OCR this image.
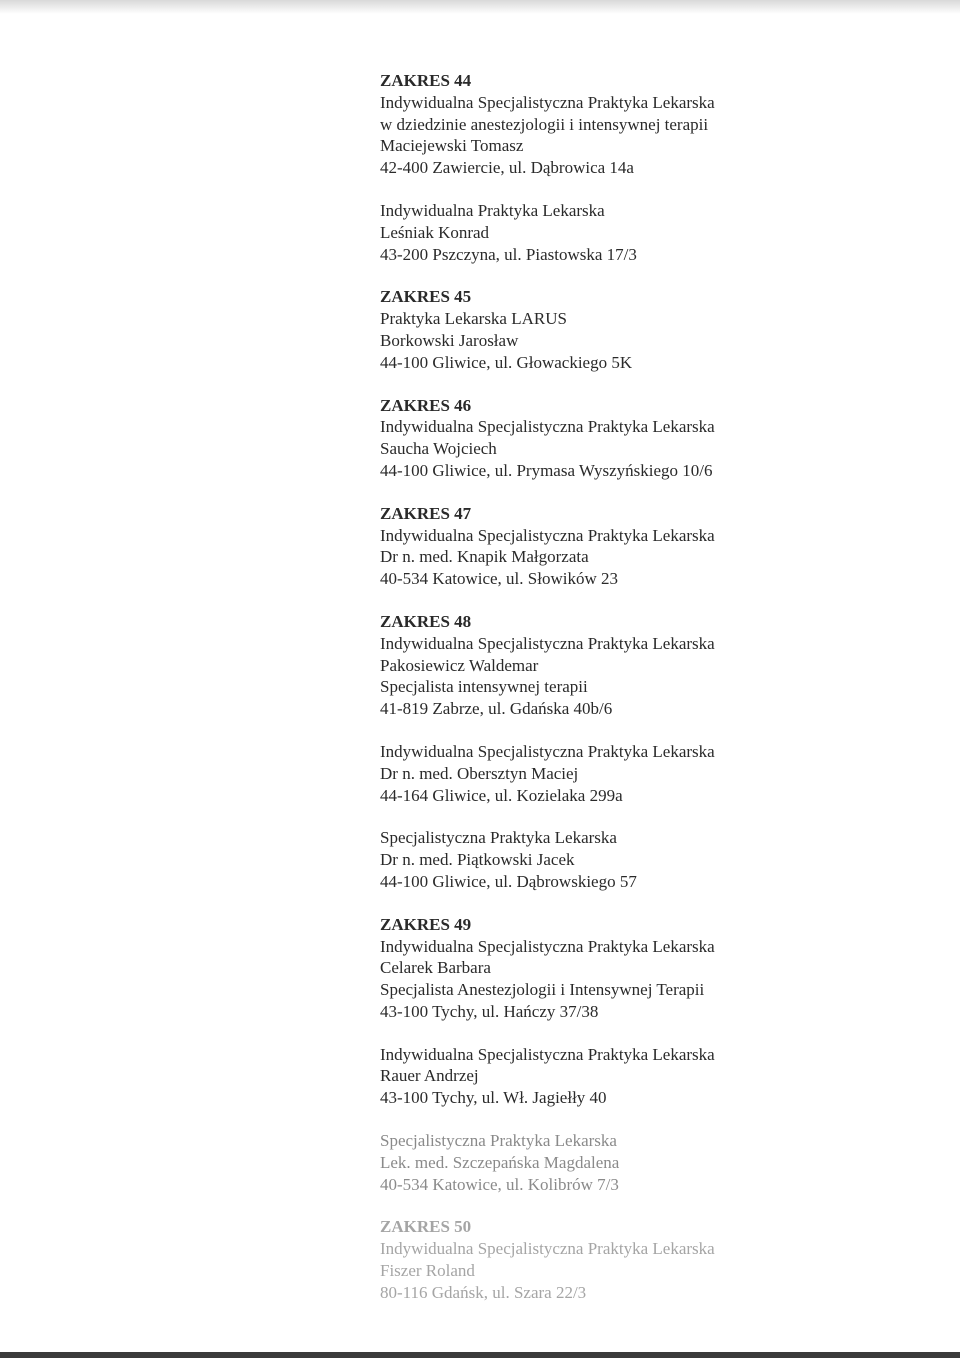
ZAKRES 44
Indywidualna Specjalistyczna Praktyka Lekarska
w dziedzinie anestezjologii i intensywnej terapii
Maciejewski Tomasz
42-400 Zawiercie, ul. Dąbrowica 14a
Indywidualna Praktyka Lekarska
Leśniak Konrad
43-200 Pszczyna, ul. Piastowska 17/3
ZAKRES 45
Praktyka Lekarska LARUS
Borkowski Jarosław
44-100 Gliwice, ul. Głowackiego 5K
ZAKRES 46
Indywidualna Specjalistyczna Praktyka Lekarska
Saucha Wojciech
44-100 Gliwice, ul. Prymasa Wyszyńskiego 10/6
ZAKRES 47
Indywidualna Specjalistyczna Praktyka Lekarska
Dr n. med. Knapik Małgorzata
40-534 Katowice, ul. Słowików 23
ZAKRES 48
Indywidualna Specjalistyczna Praktyka Lekarska
Pakosiewicz Waldemar
Specjalista intensywnej terapii
41-819 Zabrze, ul. Gdańska 40b/6
Indywidualna Specjalistyczna Praktyka Lekarska
Dr n. med. Obersztyn Maciej
44-164 Gliwice, ul. Kozielaka 299a
Specjalistyczna Praktyka Lekarska
Dr n. med. Piątkowski Jacek
44-100 Gliwice, ul. Dąbrowskiego 57
ZAKRES 49
Indywidualna Specjalistyczna Praktyka Lekarska
Celarek Barbara
Specjalista Anestezjologii i Intensywnej Terapii
43-100 Tychy, ul. Hańczy 37/38
Indywidualna Specjalistyczna Praktyka Lekarska
Rauer Andrzej
43-100 Tychy, ul. Wł. Jagiełły 40
Specjalistyczna Praktyka Lekarska
Lek. med. Szczepańska Magdalena
40-534 Katowice, ul. Kolibrów 7/3
ZAKRES 50
Indywidualna Specjalistyczna Praktyka Lekarska
Fiszer Roland
80-116 Gdańsk, ul. Szara 22/3
